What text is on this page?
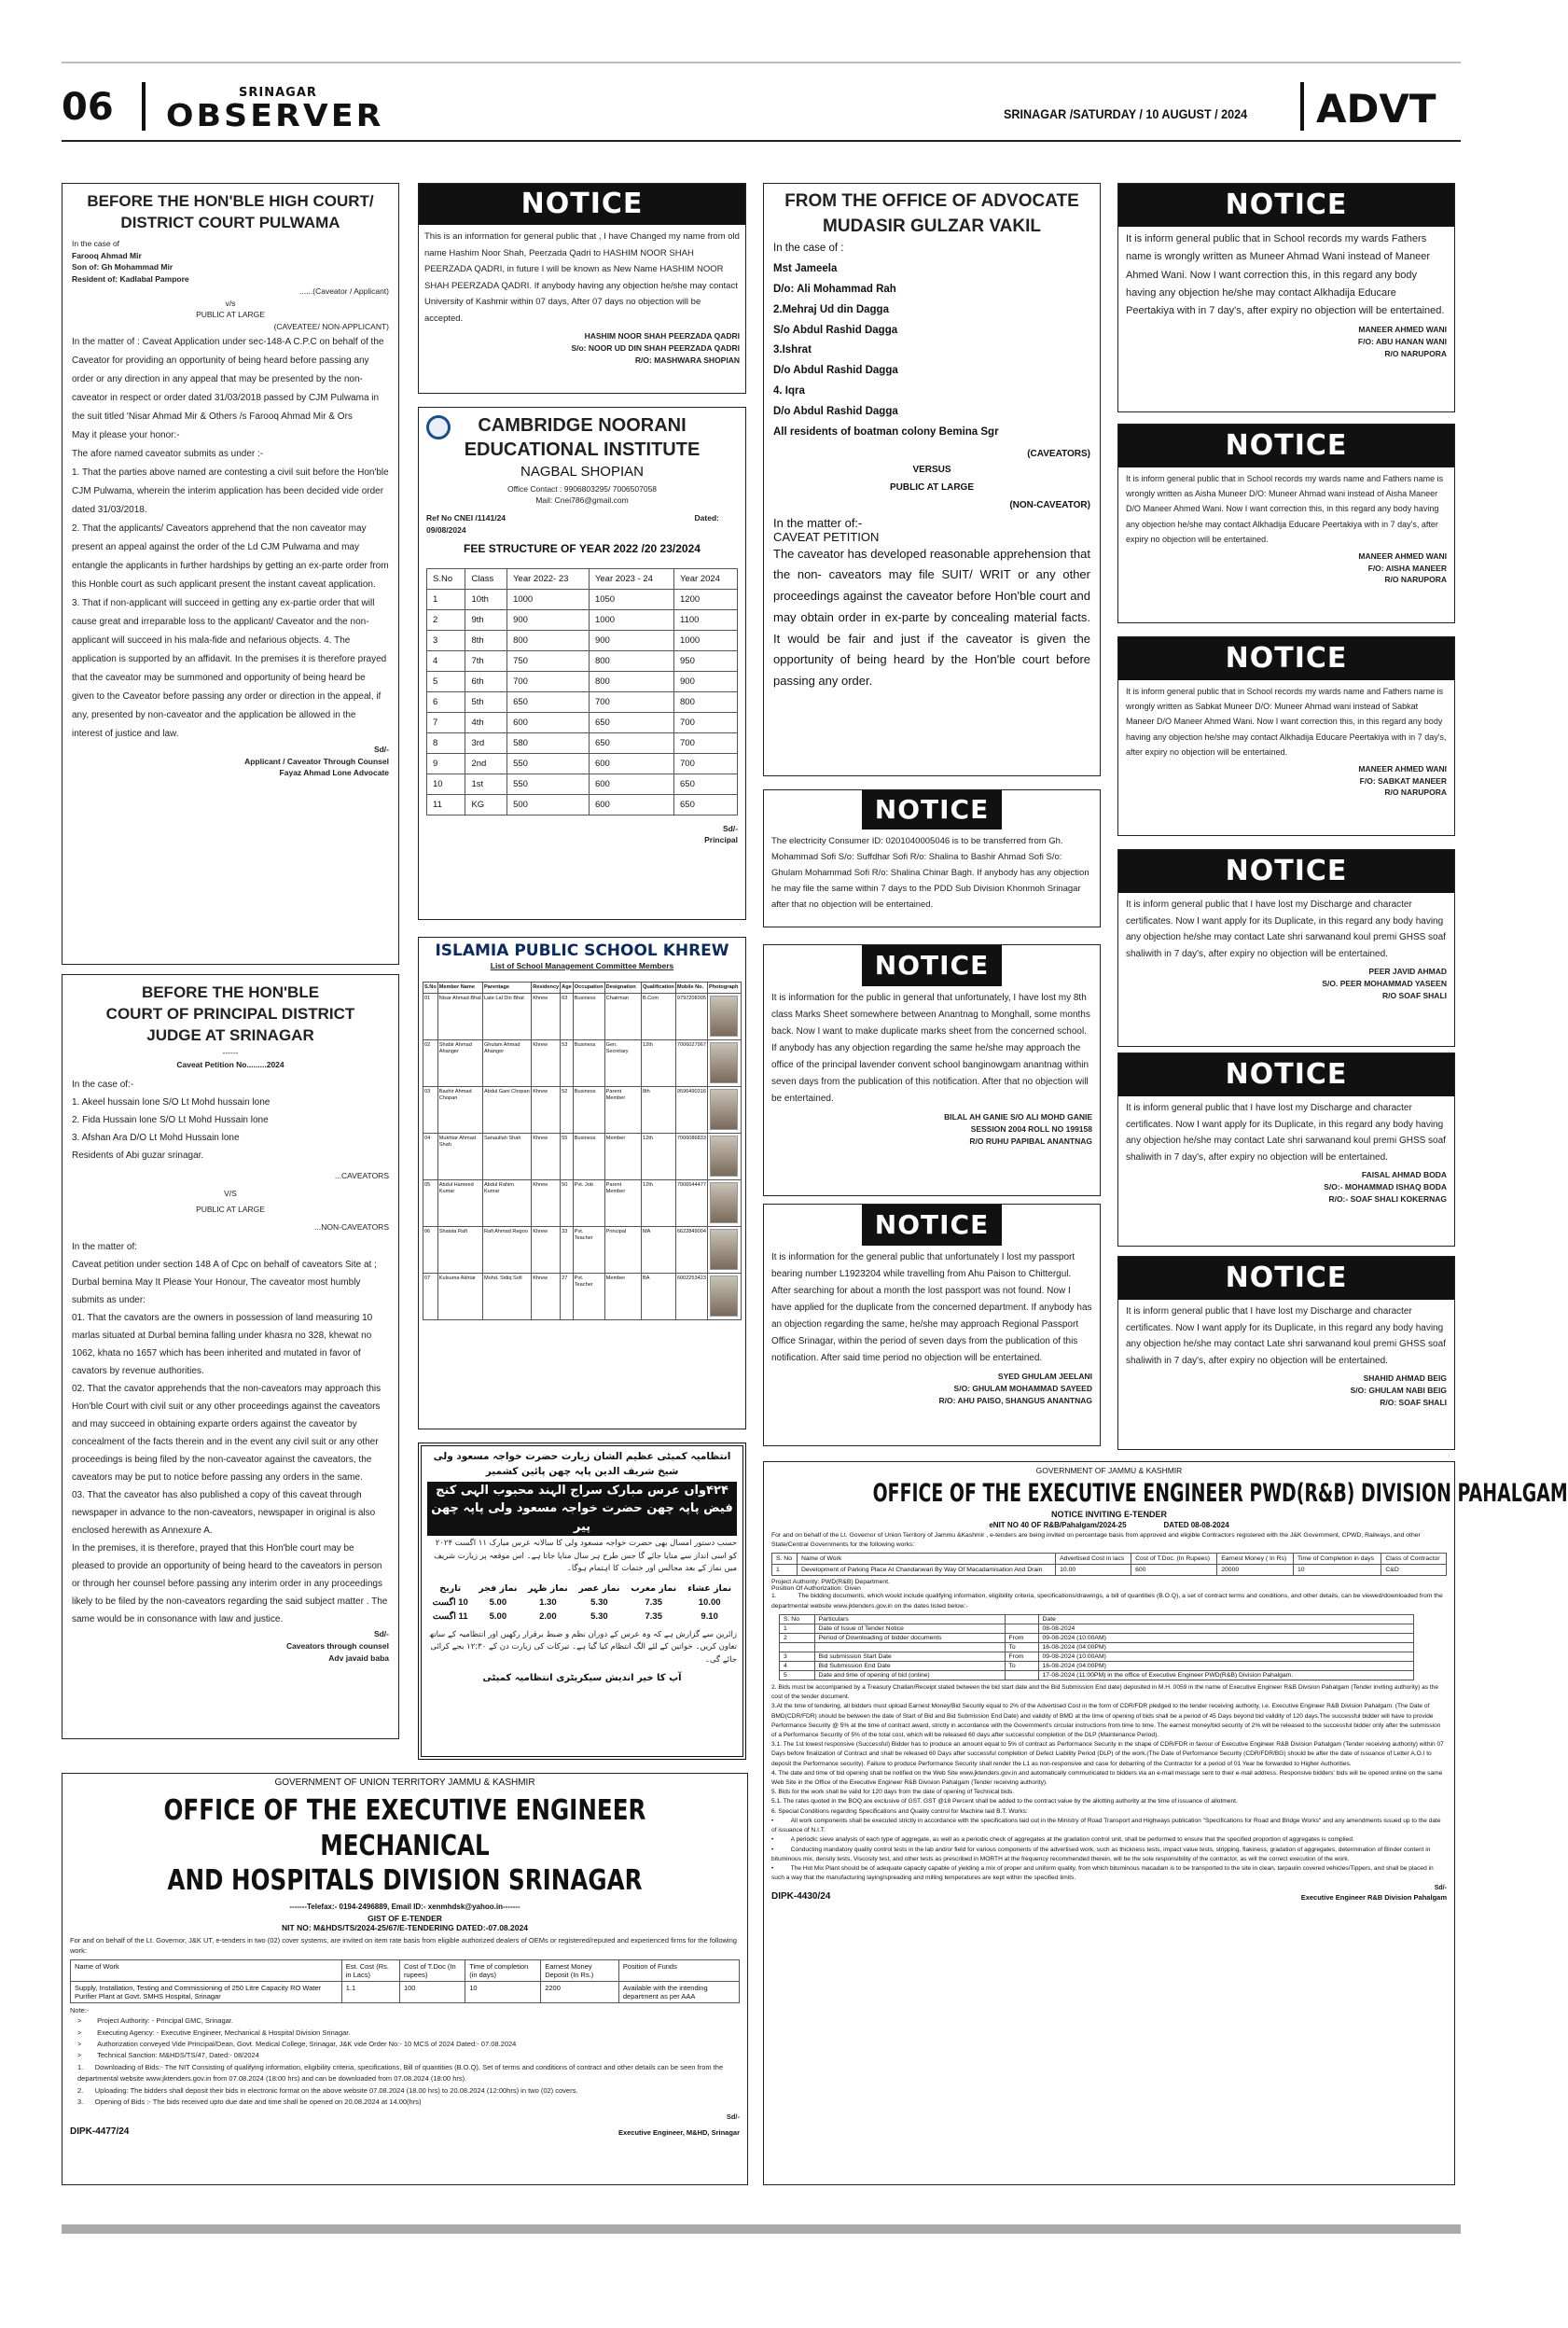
06	SRINAGAR
OBSERVER	SRINAGAR /SATURDAY / 10 AUGUST / 2024 ADVT
BEFORE THE HON'BLE HIGH COURT/
DISTRICT COURT PULWAMA
In the case of
Farooq Ahmad Mir
Son of: Gh Mohammad Mir
Resident of: Kadlabal Pampore
......(Caveator / Applicant)
v/s
PUBLIC AT LARGE
(CAVEATEE/ NON-APPLICANT)
In the matter of : Caveat Application under sec-148-A C.P.C on behalf of the Caveator for providing an opportunity of being heard before passing any order or any direction in any appeal that may be presented by the non-caveator in respect or order dated 31/03/2018 passed by CJM Pulwama in the suit titled 'Nisar Ahmad Mir & Others /s Farooq Ahmad Mir & Ors
May it please your honor:-
The afore named caveator submits as under :-
1. That the parties above named are contesting a civil suit before the Hon'ble CJM Pulwama, wherein the interim application has been decided vide order dated 31/03/2018.
2. That the applicants/ Caveators apprehend that the non caveator may present an appeal against the order of the Ld CJM Pulwama and may entangle the applicants in further hardships by getting an ex-parte order from this Honble court as such applicant present the instant caveat application.
3. That if non-applicant will succeed in getting any ex-partie order that will cause great and irreparable loss to the applicant/ Caveator and the non-applicant will succeed in his mala-fide and nefarious objects. 4. The application is supported by an affidavit. In the premises it is therefore prayed that the caveator may be summoned and opportunity of being heard be given to the Caveator before passing any order or direction in the appeal, if any, presented by non-caveator and the application be allowed in the interest of justice and law.
Sd/-
Applicant / Caveator Through Counsel
Fayaz Ahmad Lone Advocate
BEFORE THE HON'BLE
COURT OF PRINCIPAL DISTRICT
JUDGE AT SRINAGAR
------
Caveat Petition No.........2024
In the case of:-
1. Akeel hussain lone S/O Lt Mohd hussain lone
2. Fida Hussain lone S/O Lt Mohd Hussain lone
3. Afshan Ara D/O Lt Mohd Hussain lone
Residents of Abi guzar srinagar.
...CAVEATORS
V/S
PUBLIC AT LARGE
...NON-CAVEATORS
In the matter of:
Caveat petition under section 148 A of Cpc on behalf of caveators Site at ; Durbal bemina May It Please Your Honour, The caveator most humbly submits as under:
01. That the cavators are the owners in possession of land measuring 10 marlas situated at Durbal bemina falling under khasra no 328, khewat no 1062, khata no 1657 which has been inherited and mutated in favor of cavators by revenue authorities.
02. That the cavator apprehends that the non-caveators may approach this Hon'ble Court with civil suit or any other proceedings against the caveators and may succeed in obtaining exparte orders against the caveator by concealment of the facts therein and in the event any civil suit or any other proceedings is being filed by the non-caveator against the caveators, the caveators may be put to notice before passing any orders in the same.
03. That the caveator has also published a copy of this caveat through newspaper in advance to the non-caveators, newspaper in original is also enclosed herewith as Annexure A.
In the premises, it is therefore, prayed that this Hon'ble court may be pleased to provide an opportunity of being heard to the caveators in person or through her counsel before passing any interim order in any proceedings likely to be filed by the non-caveators regarding the said subject matter . The same would be in consonance with law and justice.
Sd/-
Caveators through counsel
Adv javaid baba
NOTICE
This is an information for general public that , I have Changed my name from old name Hashim Noor Shah, Peerzada Qadri to HASHIM NOOR SHAH PEERZADA QADRI, in future I will be known as New Name HASHIM NOOR SHAH PEERZADA QADRI. If anybody having any objection he/she may contact University of Kashmir within 07 days, After 07 days no objection will be accepted.
HASHIM NOOR SHAH PEERZADA QADRI
S/o: NOOR UD DIN SHAH PEERZADA QADRI
R/O: MASHWARA SHOPIAN
CAMBRIDGE NOORANI
EDUCATIONAL INSTITUTE
NAGBAL SHOPIAN
Office Contact : 9906803295/ 7006507058
Mail: Cnei786@gmail.com
Ref No CNEI /1141/24	Dated:
09/08/2024
FEE STRUCTURE OF YEAR 2022 /20 23/2024
S.No	Class	Year 2022- 23	Year 2023 - 24	Year 2024
1	10th	1000	1050	1200
2	9th	900	1000	1100
3	8th	800	900	1000
4	7th	750	800	950
5	6th	700	800	900
6	5th	650	700	800
7	4th	600	650	700
8	3rd	580	650	700
9	2nd	550	600	700
10	1st	550	600	650
11	KG	500	600	650
Sd/-
Principal
ISLAMIA PUBLIC SCHOOL KHREW
List of School Management Committee Members
S.No	Member Name	Parentage	Residency	Age	Occupation	Designation	Qualification	Mobile No.	Photograph
01	Nisar Ahmad Bhat	Late Lal Din Bhat	Khrew	63	Business	Chairman	B.Com	9797208305	

02	Shabir Ahmad Ahanger	Ghulam Ahmad Ahanger	Khrew	53	Business	Gen. Secretary	12th	7006027967	

03	Bashir Ahmad Chopan	Abdul Gani Chopan	Khrew	52	Business	Parent Member	8th	9596490316	

04	Mukhtar Ahmad Shah	Sanaullah Shah	Khrew	55	Business	Member	12th	7006086833	

05	Abdul Hameed Kumar	Abdul Rahim Kumar	Khrew	50	Pvt. Job	Parent Member	12th	7006544477	

06	Shaista Rafi	Rafi Ahmad Regoo	Khrew	33	Pvt. Teacher	Principal	MA	6622849004	

07	Kulsuma Akhtar	Mohd. Sidiq Sofi	Khrew	27	Pvt. Teacher	Member	BA	6002253423	
انتظامیہ کمیٹی عظیم الشان زیارت حضرت خواجہ مسعود ولی شیخ شریف الدین پاپہ چھن پائین کشمیر
۴۲۴واں عرس مبارک سراج الہند محبوب الہی کنج فیض پاپہ چھن حضرت خواجہ مسعود ولی پاپہ چھن پیر
حسب دستور امسال بھی حضرت خواجہ مسعود ولی کا سالانہ عرس مبارک ۱۱ اگست ۲۰۲۴ کو اسی انداز سے منایا جائے گا جس طرح ہر سال منایا جاتا ہے۔ اس موقعہ پر زیارت شریف میں نماز کے بعد مجالس اور ختمات کا اہتمام ہوگا۔
نماز عشاء	نماز مغرب	نماز عصر	نماز ظہر	نماز فجر	تاریخ
10.00	7.35	5.30	1.30	5.00	10 اگست
9.10	7.35	5.30	2.00	5.00	11 اگست
زائرین سے گزارش ہے کہ وہ عرس کے دوران نظم و ضبط برقرار رکھیں اور انتظامیہ کے ساتھ تعاون کریں۔ خواتین کے لئے الگ انتظام کیا گیا ہے۔ تبرکات کی زیارت دن کے ۱۲:۳۰ بجے کرائی جائے گی۔
آپ کا خیر اندیش سیکریٹری انتظامیہ کمیٹی
FROM THE OFFICE OF ADVOCATE
MUDASIR GULZAR VAKIL
In the case of :
Mst Jameela
D/o: Ali Mohammad Rah
2.Mehraj Ud din Dagga
S/o Abdul Rashid Dagga
3.Ishrat
D/o Abdul Rashid Dagga
4. Iqra
D/o Abdul Rashid Dagga
All residents of boatman colony Bemina Sgr
(CAVEATORS)
VERSUS
PUBLIC AT LARGE
(NON-CAVEATOR)
In the matter of:-
CAVEAT PETITION
The caveator has developed reasonable apprehension that the non- caveators may file SUIT/ WRIT or any other proceedings against the caveator before Hon'ble court and may obtain order in ex-parte by concealing material facts. It would be fair and just if the caveator is given the opportunity of being heard by the Hon'ble court before passing any order.
NOTICE
The electricity Consumer ID: 0201040005046 is to be transferred from Gh. Mohammad Sofi S/o: Suffdhar Sofi R/o: Shalina to Bashir Ahmad Sofi S/o: Ghulam Mohammad Sofi R/o: Shalina Chinar Bagh. If anybody has any objection he may file the same within 7 days to the PDD Sub Division Khonmoh Srinagar after that no objection will be entertained.
NOTICE
It is information for the public in general that unfortunately, I have lost my 8th class Marks Sheet somewhere between Anantnag to Monghall, some months back. Now I want to make duplicate marks sheet from the concerned school. If anybody has any objection regarding the same he/she may approach the office of the principal lavender convent school banginowgam anantnag within seven days from the publication of this notification. After that no objection will be entertained.
BILAL AH GANIE S/O ALI MOHD GANIE
SESSION 2004 ROLL NO 199158
R/O RUHU PAPIBAL ANANTNAG
NOTICE
It is information for the general public that unfortunately I lost my passport bearing number L1923204 while travelling from Ahu Paison to Chittergul. After searching for about a month the lost passport was not found. Now I have applied for the duplicate from the concerned department. If anybody has an objection regarding the same, he/she may approach Regional Passport Office Srinagar, within the period of seven days from the publication of this notification. After said time period no objection will be entertained.
SYED GHULAM JEELANI
S/O: GHULAM MOHAMMAD SAYEED
R/O: AHU PAISO, SHANGUS ANANTNAG
NOTICE
It is inform general public that in School records my wards Fathers name is wrongly written as Muneer Ahmad Wani instead of Maneer Ahmed Wani. Now I want correction this, in this regard any body having any objection he/she may contact Alkhadija Educare Peertakiya with in 7 day's, after expiry no objection will be entertained.
MANEER AHMED WANI
F/O: ABU HANAN WANI
R/O NARUPORA
NOTICE
It is inform general public that in School records my wards name and Fathers name is wrongly written as Aisha Muneer D/O: Muneer Ahmad wani instead of Aisha Maneer D/O Maneer Ahmed Wani. Now I want correction this, in this regard any body having any objection he/she may contact Alkhadija Educare Peertakiya with in 7 day's, after expiry no objection will be entertained.
MANEER AHMED WANI
F/O: AISHA MANEER
R/O NARUPORA
NOTICE
It is inform general public that in School records my wards name and Fathers name is wrongly written as Sabkat Muneer D/O: Muneer Ahmad wani instead of Sabkat Maneer D/O Maneer Ahmed Wani. Now I want correction this, in this regard any body having any objection he/she may contact Alkhadija Educare Peertakiya with in 7 day's, after expiry no objection will be entertained.
MANEER AHMED WANI
F/O: SABKAT MANEER
R/O NARUPORA
NOTICE
It is inform general public that I have lost my Discharge and character certificates. Now I want apply for its Duplicate, in this regard any body having any objection he/she may contact Late shri sarwanand koul premi GHSS soaf shaliwith in 7 day's, after expiry no objection will be entertained.
PEER JAVID AHMAD
S/O. PEER MOHAMMAD YASEEN
R/O SOAF SHALI
NOTICE
It is inform general public that I have lost my Discharge and character certificates. Now I want apply for its Duplicate, in this regard any body having any objection he/she may contact Late shri sarwanand koul premi GHSS soaf shaliwith in 7 day's, after expiry no objection will be entertained.
FAISAL AHMAD BODA
S/O:- MOHAMMAD ISHAQ BODA
R/O:- SOAF SHALI KOKERNAG
NOTICE
It is inform general public that I have lost my Discharge and character certificates. Now I want apply for its Duplicate, in this regard any body having any objection he/she may contact Late shri sarwanand koul premi GHSS soaf shaliwith in 7 day's, after expiry no objection will be entertained.
SHAHID AHMAD BEIG
S/O: GHULAM NABI BEIG
R/O: SOAF SHALI
GOVERNMENT OF UNION TERRITORY JAMMU & KASHMIR
OFFICE OF THE EXECUTIVE ENGINEER MECHANICAL
AND HOSPITALS DIVISION SRINAGAR
-------Telefax:- 0194-2496889, Email ID:- xenmhdsk@yahoo.in-------
GIST OF E-TENDER
NIT NO: M&HDS/TS/2024-25/67/E-TENDERING DATED:-07.08.2024
For and on behalf of the Lt. Governor, J&K UT, e-tenders in two (02) cover systems, are invited on item rate basis from eligible authorized dealers of OEMs or registered/reputed and experienced firms for the following work:
Name of Work	Est. Cost (Rs. in Lacs)	Cost of T.Doc (In rupees)	Time of completion (in days)	Earnest Money Deposit (In Rs.)	Position of Funds
Supply, Installation, Testing and Commissioning of 250 Litre Capacity RO Water Purifier Plant at Govt. SMHS Hospital, Srinagar	1.1	100	10	2200	Available with the intending department as per AAA
Note:-
>        Project Authority: - Principal GMC, Srinagar.
>        Executing Agency: - Executive Engineer, Mechanical & Hospital Division Srinagar.
>        Authorization conveyed Vide Principal/Dean, Govt. Medical College, Srinagar, J&K vide Order No:- 10 MCS of 2024 Dated:- 07.08.2024
>        Technical Sanction: M&HDS/TS/47, Dated:- 08/2024
1.      Downloading of Bids:- The NIT Consisting of qualifying information, eligibility criteria, specifications, Bill of quantities (B.O.Q), Set of terms and conditions of contract and other details can be seen from the departmental website www.jktenders.gov.in from 07.08.2024 (18:00 hrs) and can be downloaded from 07.08.2024 (18:00 hrs).
2.      Uploading: The bidders shall deposit their bids in electronic format on the above website 07.08.2024 (18.00 hrs) to 20.08.2024 (12:00hrs) in two (02) covers.
3.      Opening of Bids :- The bids received upto due date and time shall be opened on 20.08.2024 at 14.00(hrs)
Sd/-
DIPK-4477/24	Executive Engineer, M&HD, Srinagar
GOVERNMENT OF JAMMU & KASHMIR
OFFICE OF THE EXECUTIVE ENGINEER PWD(R&B) DIVISION PAHALGAM
NOTICE INVITING E-TENDER
eNIT NO 40 OF R&B/Pahalgam/2024-25	DATED 08-08-2024
For and on behalf of the Lt. Governor of Union Territory of Jammu &Kashmir , e-tenders are being invited on percentage basis from approved and eligible Contractors registered with the J&K Government, CPWD, Railways, and other State/Central Governments for the following works:
S. No	Name of Work	Advertised Cost in lacs	Cost of T.Doc. (In Rupees)	Earnest Money ( In Rs)	Time of Completion in days	Class of Contractor
1	Development of Parking Place At Chandanwari By Way Of Macadamisation And Drain	10.00	600	20000	10	C&D
Project Authority: PWD(R&B) Department.
Position Of Authorization: Given
1.            The bidding documents, which would include qualifying information, eligibility criteria, specifications/drawings, a bill of quantities (B.O.Q), a set of contract terms and conditions, and other details, can be viewed/downloaded from the departmental website www.jktenders.gov.in on the dates listed below:-
S. No	Particulars		Date
1	Date of Issue of Tender Notice		08-08-2024
2	Period of Downloading of bidder documents	From	09-08-2024 (10:00AM)
		To	16-08-2024 (04:00PM)
3	Bid submission Start Date	From	09-08-2024 (10:00AM)
4	Bid Submission End Date	To	16-08-2024 (04:00PM)
5	Date and time of opening of bid (online)		17-08-2024 (11:00PM) in the office of Executive Engineer PWD(R&B) Division Pahalgam.
2. Bids must be accompanied by a Treasury Challan/Receipt stated between the bid start date and the Bid Submission End date) deposited in M.H. 0059 in the name of Executive Engineer R&B Division Pahalgam (Tender inviting authority) as the cost of the tender document.
3.At the time of tendering, all bidders must upload Earnest Money/Bid Security equal to 2% of the Advertised Cost in the form of CDR/FDR pledged to the tender receiving authority, i.e. Executive Engineer R&B Division Pahalgam. (The Date of BMD(CDR/FDR) should be between the date of Start of Bid and Bid Submission End Date) and validity of BMD at the time of opening of bids shall be a period of 45 Days beyond bid validity of 120 days.The successful bidder will have to provide Performance Security @ 5% at the time of contract award, strictly in accordance with the Government's circular instructions from time to time. The earnest money/bid security of 2% will be released to the successful bidder only after the submission of a Performance Security of 5% of the total cost, which will be released 60 days after successful completion of the DLP (Maintenance Period).
3.1. The 1st lowest responsive (Successful) Bidder has to produce an amount equal to 5% of contract as Performance Security in the shape of CDR/FDR in favour of Executive Engineer R&B Division Pahalgam (Tender receiving authority) within 07 Days before finalization of Contract and shall be released 60 Days after successful completion of Defect Liability Period (DLP) of the work.(The Date of Performance Security (CDR/FDR/BG) should be after the date of issuance of Letter A.O.I to deposit the Performance security). Failure to produce Performance Security shall render the L1 as non-responsive and case for debarring of the Contractor for a period of 01 Year be forwarded to Higher Authorities.
4. The date and time of bid opening shall be notified on the Web Site www.jktenders.gov.in and automatically communicated to bidders via an e-mail message sent to their e-mail address. Responsive bidders' bids will be opened online on the same Web Site in the Office of the Executive Engineer R&B Division Pahalgam (Tender receiving authority).
5. Bids for the work shall be valid for 120 days from the date of opening of Technical bids.
5.1. The rates quoted in the BOQ are exclusive of GST. GST @18 Percent shall be added to the contract value by the allotting authority at the time of issuance of allotment.
6. Special Conditions regarding Specifications and Quality control for Machine laid B.T. Works:
•          All work components shall be executed strictly in accordance with the specifications laid out in the Ministry of Road Transport and Highways publication "Specifications for Road and Bridge Works" and any amendments issued up to the date of issuance of N.I.T.
•          A periodic sieve analysis of each type of aggregate, as well as a periodic check of aggregates at the gradation control unit, shall be performed to ensure that the specified proportion of aggregates is complied.
•          Conducting mandatory quality control tests in the lab and/or field for various components of the advertised work, such as thickness tests, impact value tests, stripping, flakiness, gradation of aggregates, determination of Binder content in bituminous mix, density tests, Viscosity test, and other tests as prescribed in MORTH at the frequency recommended therein, will be the sole responsibility of the contractor, as will the correct execution of the work.
•          The Hot Mix Plant should be of adequate capacity capable of yielding a mix of proper and uniform quality, from which bituminous macadam is to be transported to the site in clean, tarpaulin covered vehicles/Tippers, and shall be placed in such a way that the manufacturing laying/spreading and milling temperatures are kept within the specified limits.
Sd/-
DIPK-4430/24	Executive Engineer R&B Division Pahalgam
